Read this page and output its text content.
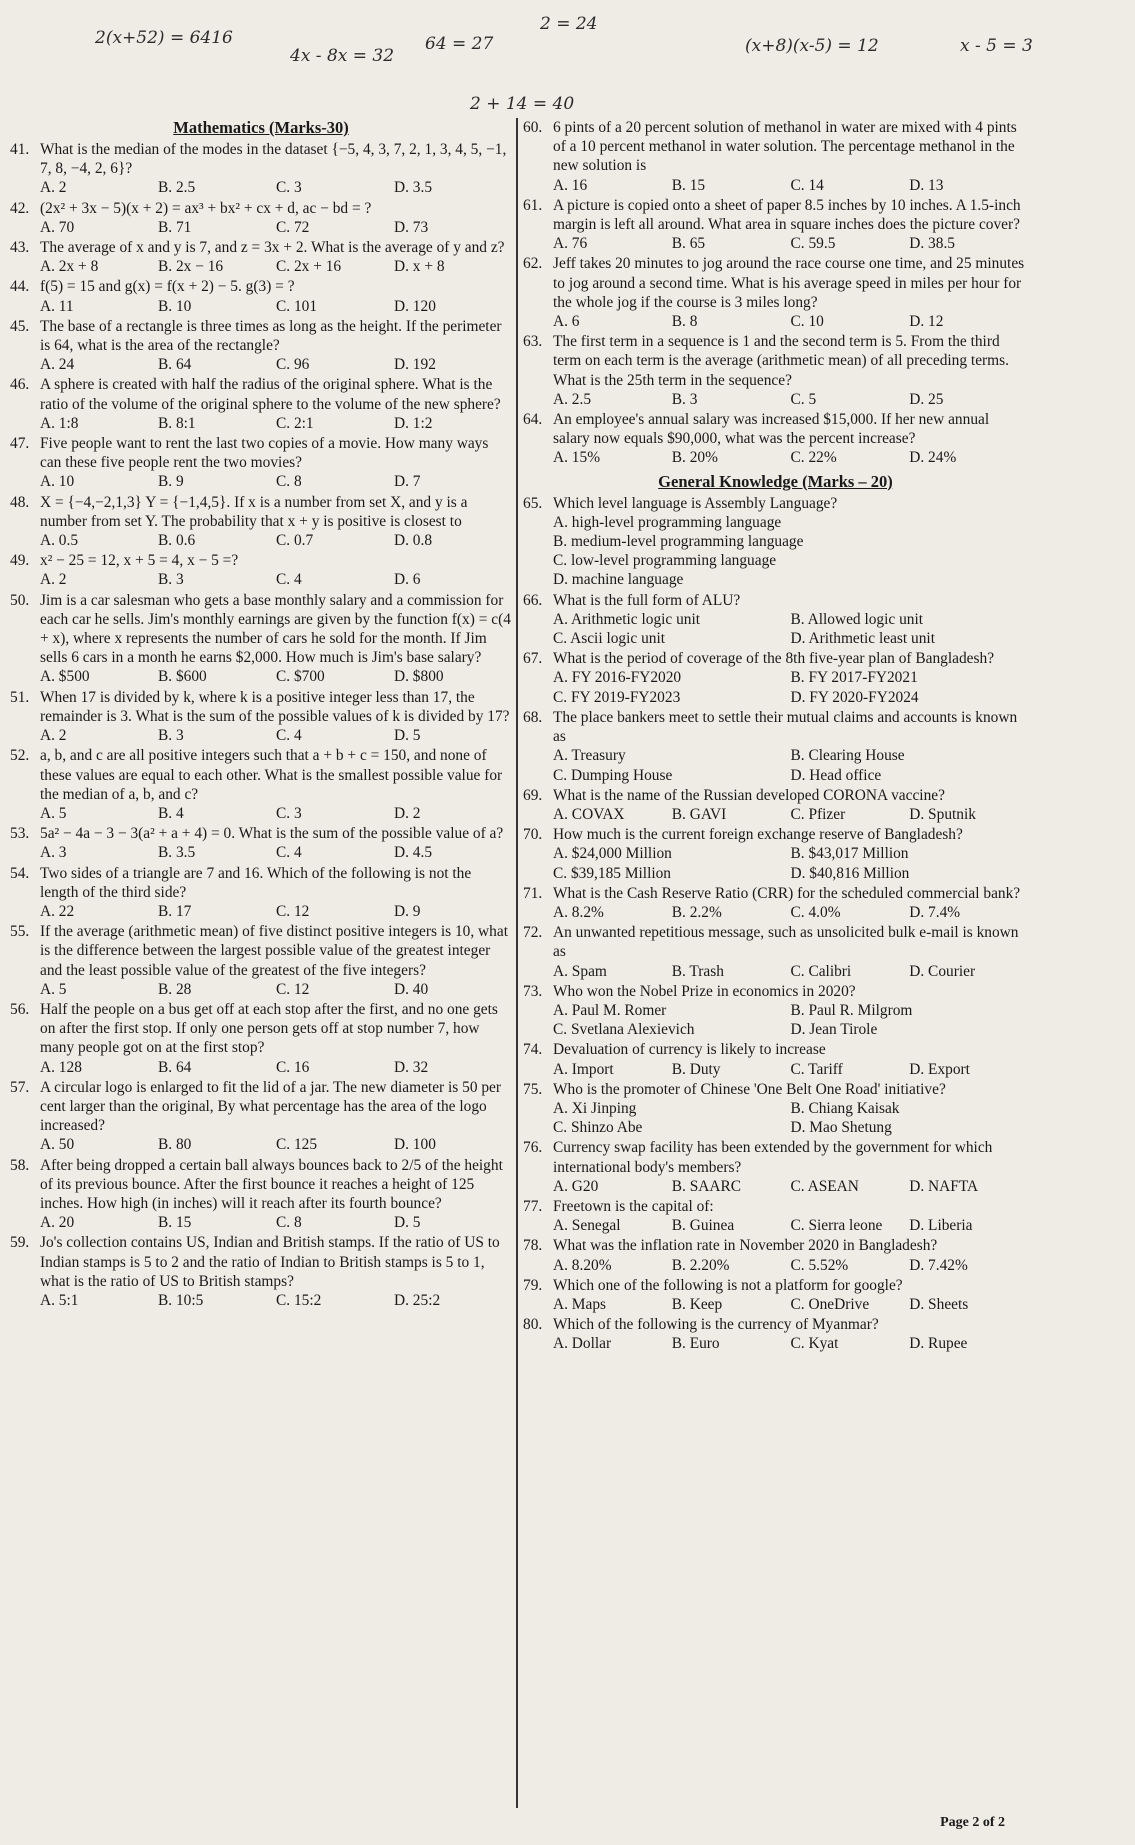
2(x+52) = 6416
4x - 8x = 32
64 = 27
2 = 24
(x+8)(x-5) = 12	x - 5 = 3
2 + 14 = 40
Mathematics (Marks-30)
41. What is the median of the modes in the dataset {−5, 4, 3, 7, 2, 1, 3, 4, 5, −1, 7, 8, −4, 2, 6}?
A. 2	B. 2.5	C. 3	D. 3.5
42. (2x² + 3x − 5)(x + 2) = ax³ + bx² + cx + d, ac − bd = ?
A. 70	B. 71	C. 72	D. 73
43. The average of x and y is 7, and z = 3x + 2. What is the average of y and z?
A. 2x + 8	B. 2x − 16	C. 2x + 16	D. x + 8
44. f(5) = 15 and g(x) = f(x + 2) − 5. g(3) = ?
A. 11	B. 10	C. 101	D. 120
45. The base of a rectangle is three times as long as the height. If the perimeter is 64, what is the area of the rectangle?
A. 24	B. 64	C. 96	D. 192
46. A sphere is created with half the radius of the original sphere. What is the ratio of the volume of the original sphere to the volume of the new sphere?
A. 1:8	B. 8:1	C. 2:1	D. 1:2
47. Five people want to rent the last two copies of a movie. How many ways can these five people rent the two movies?
A. 10	B. 9	C. 8	D. 7
48. X = {−4,−2,1,3} Y = {−1,4,5}. If x is a number from set X, and y is a number from set Y. The probability that x + y is positive is closest to
A. 0.5	B. 0.6	C. 0.7	D. 0.8
49. x² − 25 = 12, x + 5 = 4, x − 5 =?
A. 2	B. 3	C. 4	D. 6
50. Jim is a car salesman who gets a base monthly salary and a commission for each car he sells. Jim's monthly earnings are given by the function f(x) = c(4 + x), where x represents the number of cars he sold for the month. If Jim sells 6 cars in a month he earns $2,000. How much is Jim's base salary?
A. $500	B. $600	C. $700	D. $800
51. When 17 is divided by k, where k is a positive integer less than 17, the remainder is 3. What is the sum of the possible values of k is divided by 17?
A. 2	B. 3	C. 4	D. 5
52. a, b, and c are all positive integers such that a + b + c = 150, and none of these values are equal to each other. What is the smallest possible value for the median of a, b, and c?
A. 5	B. 4	C. 3	D. 2
53. 5a² − 4a − 3 − 3(a² + a + 4) = 0. What is the sum of the possible value of a?
A. 3	B. 3.5	C. 4	D. 4.5
54. Two sides of a triangle are 7 and 16. Which of the following is not the length of the third side?
A. 22	B. 17	C. 12	D. 9
55. If the average (arithmetic mean) of five distinct positive integers is 10, what is the difference between the largest possible value of the greatest integer and the least possible value of the greatest of the five integers?
A. 5	B. 28	C. 12	D. 40
56. Half the people on a bus get off at each stop after the first, and no one gets on after the first stop. If only one person gets off at stop number 7, how many people got on at the first stop?
A. 128	B. 64	C. 16	D. 32
57. A circular logo is enlarged to fit the lid of a jar. The new diameter is 50 per cent larger than the original, By what percentage has the area of the logo increased?
A. 50	B. 80	C. 125	D. 100
58. After being dropped a certain ball always bounces back to 2/5 of the height of its previous bounce. After the first bounce it reaches a height of 125 inches. How high (in inches) will it reach after its fourth bounce?
A. 20	B. 15	C. 8	D. 5
59. Jo's collection contains US, Indian and British stamps. If the ratio of US to Indian stamps is 5 to 2 and the ratio of Indian to British stamps is 5 to 1, what is the ratio of US to British stamps?
A. 5:1	B. 10:5	C. 15:2	D. 25:2
60. 6 pints of a 20 percent solution of methanol in water are mixed with 4 pints of a 10 percent methanol in water solution. The percentage methanol in the new solution is
A. 16	B. 15	C. 14	D. 13
61. A picture is copied onto a sheet of paper 8.5 inches by 10 inches. A 1.5-inch margin is left all around. What area in square inches does the picture cover?
A. 76	B. 65	C. 59.5	D. 38.5
62. Jeff takes 20 minutes to jog around the race course one time, and 25 minutes to jog around a second time. What is his average speed in miles per hour for the whole jog if the course is 3 miles long?
A. 6	B. 8	C. 10	D. 12
63. The first term in a sequence is 1 and the second term is 5. From the third term on each term is the average (arithmetic mean) of all preceding terms. What is the 25th term in the sequence?
A. 2.5	B. 3	C. 5	D. 25
64. An employee's annual salary was increased $15,000. If her new annual salary now equals $90,000, what was the percent increase?
A. 15%	B. 20%	C. 22%	D. 24%
General Knowledge (Marks – 20)
65. Which level language is Assembly Language?
A. high-level programming language
B. medium-level programming language
C. low-level programming language
D. machine language
66. What is the full form of ALU?
A. Arithmetic logic unit	B. Allowed logic unit
C. Ascii logic unit	D. Arithmetic least unit
67. What is the period of coverage of the 8th five-year plan of Bangladesh?
A. FY 2016-FY2020	B. FY 2017-FY2021
C. FY 2019-FY2023	D. FY 2020-FY2024
68. The place bankers meet to settle their mutual claims and accounts is known as
A. Treasury	B. Clearing House
C. Dumping House	D. Head office
69. What is the name of the Russian developed CORONA vaccine?
A. COVAX	B. GAVI	C. Pfizer	D. Sputnik
70. How much is the current foreign exchange reserve of Bangladesh?
A. $24,000 Million	B. $43,017 Million
C. $39,185 Million	D. $40,816 Million
71. What is the Cash Reserve Ratio (CRR) for the scheduled commercial bank?
A. 8.2%	B. 2.2%	C. 4.0%	D. 7.4%
72. An unwanted repetitious message, such as unsolicited bulk e-mail is known as
A. Spam	B. Trash	C. Calibri	D. Courier
73. Who won the Nobel Prize in economics in 2020?
A. Paul M. Romer	B. Paul R. Milgrom
C. Svetlana Alexievich	D. Jean Tirole
74. Devaluation of currency is likely to increase
A. Import	B. Duty	C. Tariff	D. Export
75. Who is the promoter of Chinese 'One Belt One Road' initiative?
A. Xi Jinping	B. Chiang Kaisak
C. Shinzo Abe	D. Mao Shetung
76. Currency swap facility has been extended by the government for which international body's members?
A. G20	B. SAARC	C. ASEAN	D. NAFTA
77. Freetown is the capital of:
A. Senegal	B. Guinea	C. Sierra leone	D. Liberia
78. What was the inflation rate in November 2020 in Bangladesh?
A. 8.20%	B. 2.20%	C. 5.52%	D. 7.42%
79. Which one of the following is not a platform for google?
A. Maps	B. Keep	C. OneDrive	D. Sheets
80. Which of the following is the currency of Myanmar?
A. Dollar	B. Euro	C. Kyat	D. Rupee
Page 2 of 2
